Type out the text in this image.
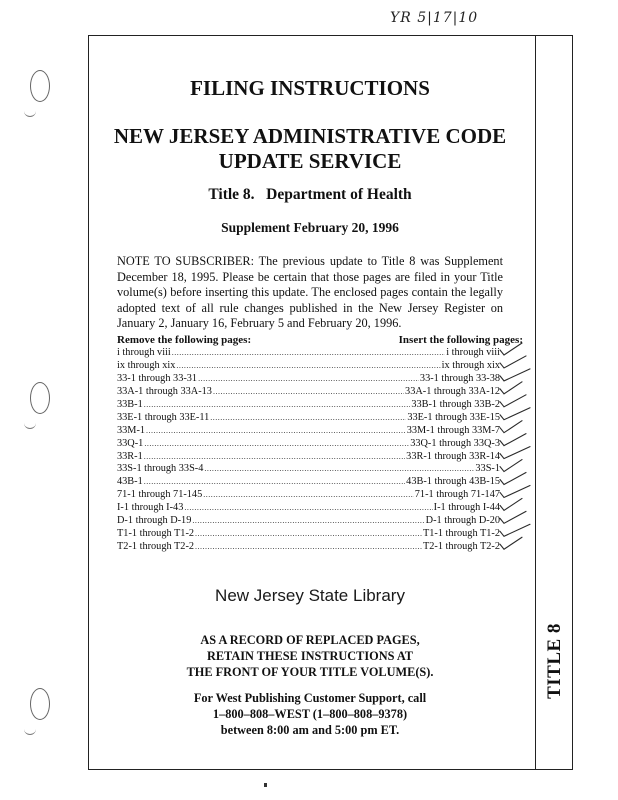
YR 5|17|10
FILING INSTRUCTIONS
NEW JERSEY ADMINISTRATIVE CODE
UPDATE SERVICE
Title 8.   Department of Health
Supplement February 20, 1996
NOTE TO SUBSCRIBER: The previous update to Title 8 was Supplement December 18, 1995. Please be certain that those pages are filed in your Title volume(s) before inserting this update. The enclosed pages contain the legally adopted text of all rule changes published in the New Jersey Register on January 2, January 16, February 5 and February 20, 1996.
Remove the following pages:	Insert the following pages:
i through viii .....	i through viii
ix through xix .....	ix through xix
33-1 through 33-31 .....	33-1 through 33-38
33A-1 through 33A-13 .....	33A-1 through 33A-12
33B-1 .....	33B-1 through 33B-2
33E-1 through 33E-11 .....	33E-1 through 33E-15
33M-1 .....	33M-1 through 33M-7
33Q-1 .....	33Q-1 through 33Q-3
33R-1 .....	33R-1 through 33R-14
33S-1 through 33S-4 .....	33S-1
43B-1 .....	43B-1 through 43B-15
71-1 through 71-145 .....	71-1 through 71-147
I-1 through I-43 .....	I-1 through I-44
D-1 through D-19 .....	D-1 through D-20
T1-1 through T1-2 .....	T1-1 through T1-2
T2-1 through T2-2 .....	T2-1 through T2-2
New Jersey State Library
AS A RECORD OF REPLACED PAGES,
RETAIN THESE INSTRUCTIONS AT
THE FRONT OF YOUR TITLE VOLUME(S).
For West Publishing Customer Support, call
1–800–808–WEST (1–800–808–9378)
between 8:00 am and 5:00 pm ET.
TITLE 8
